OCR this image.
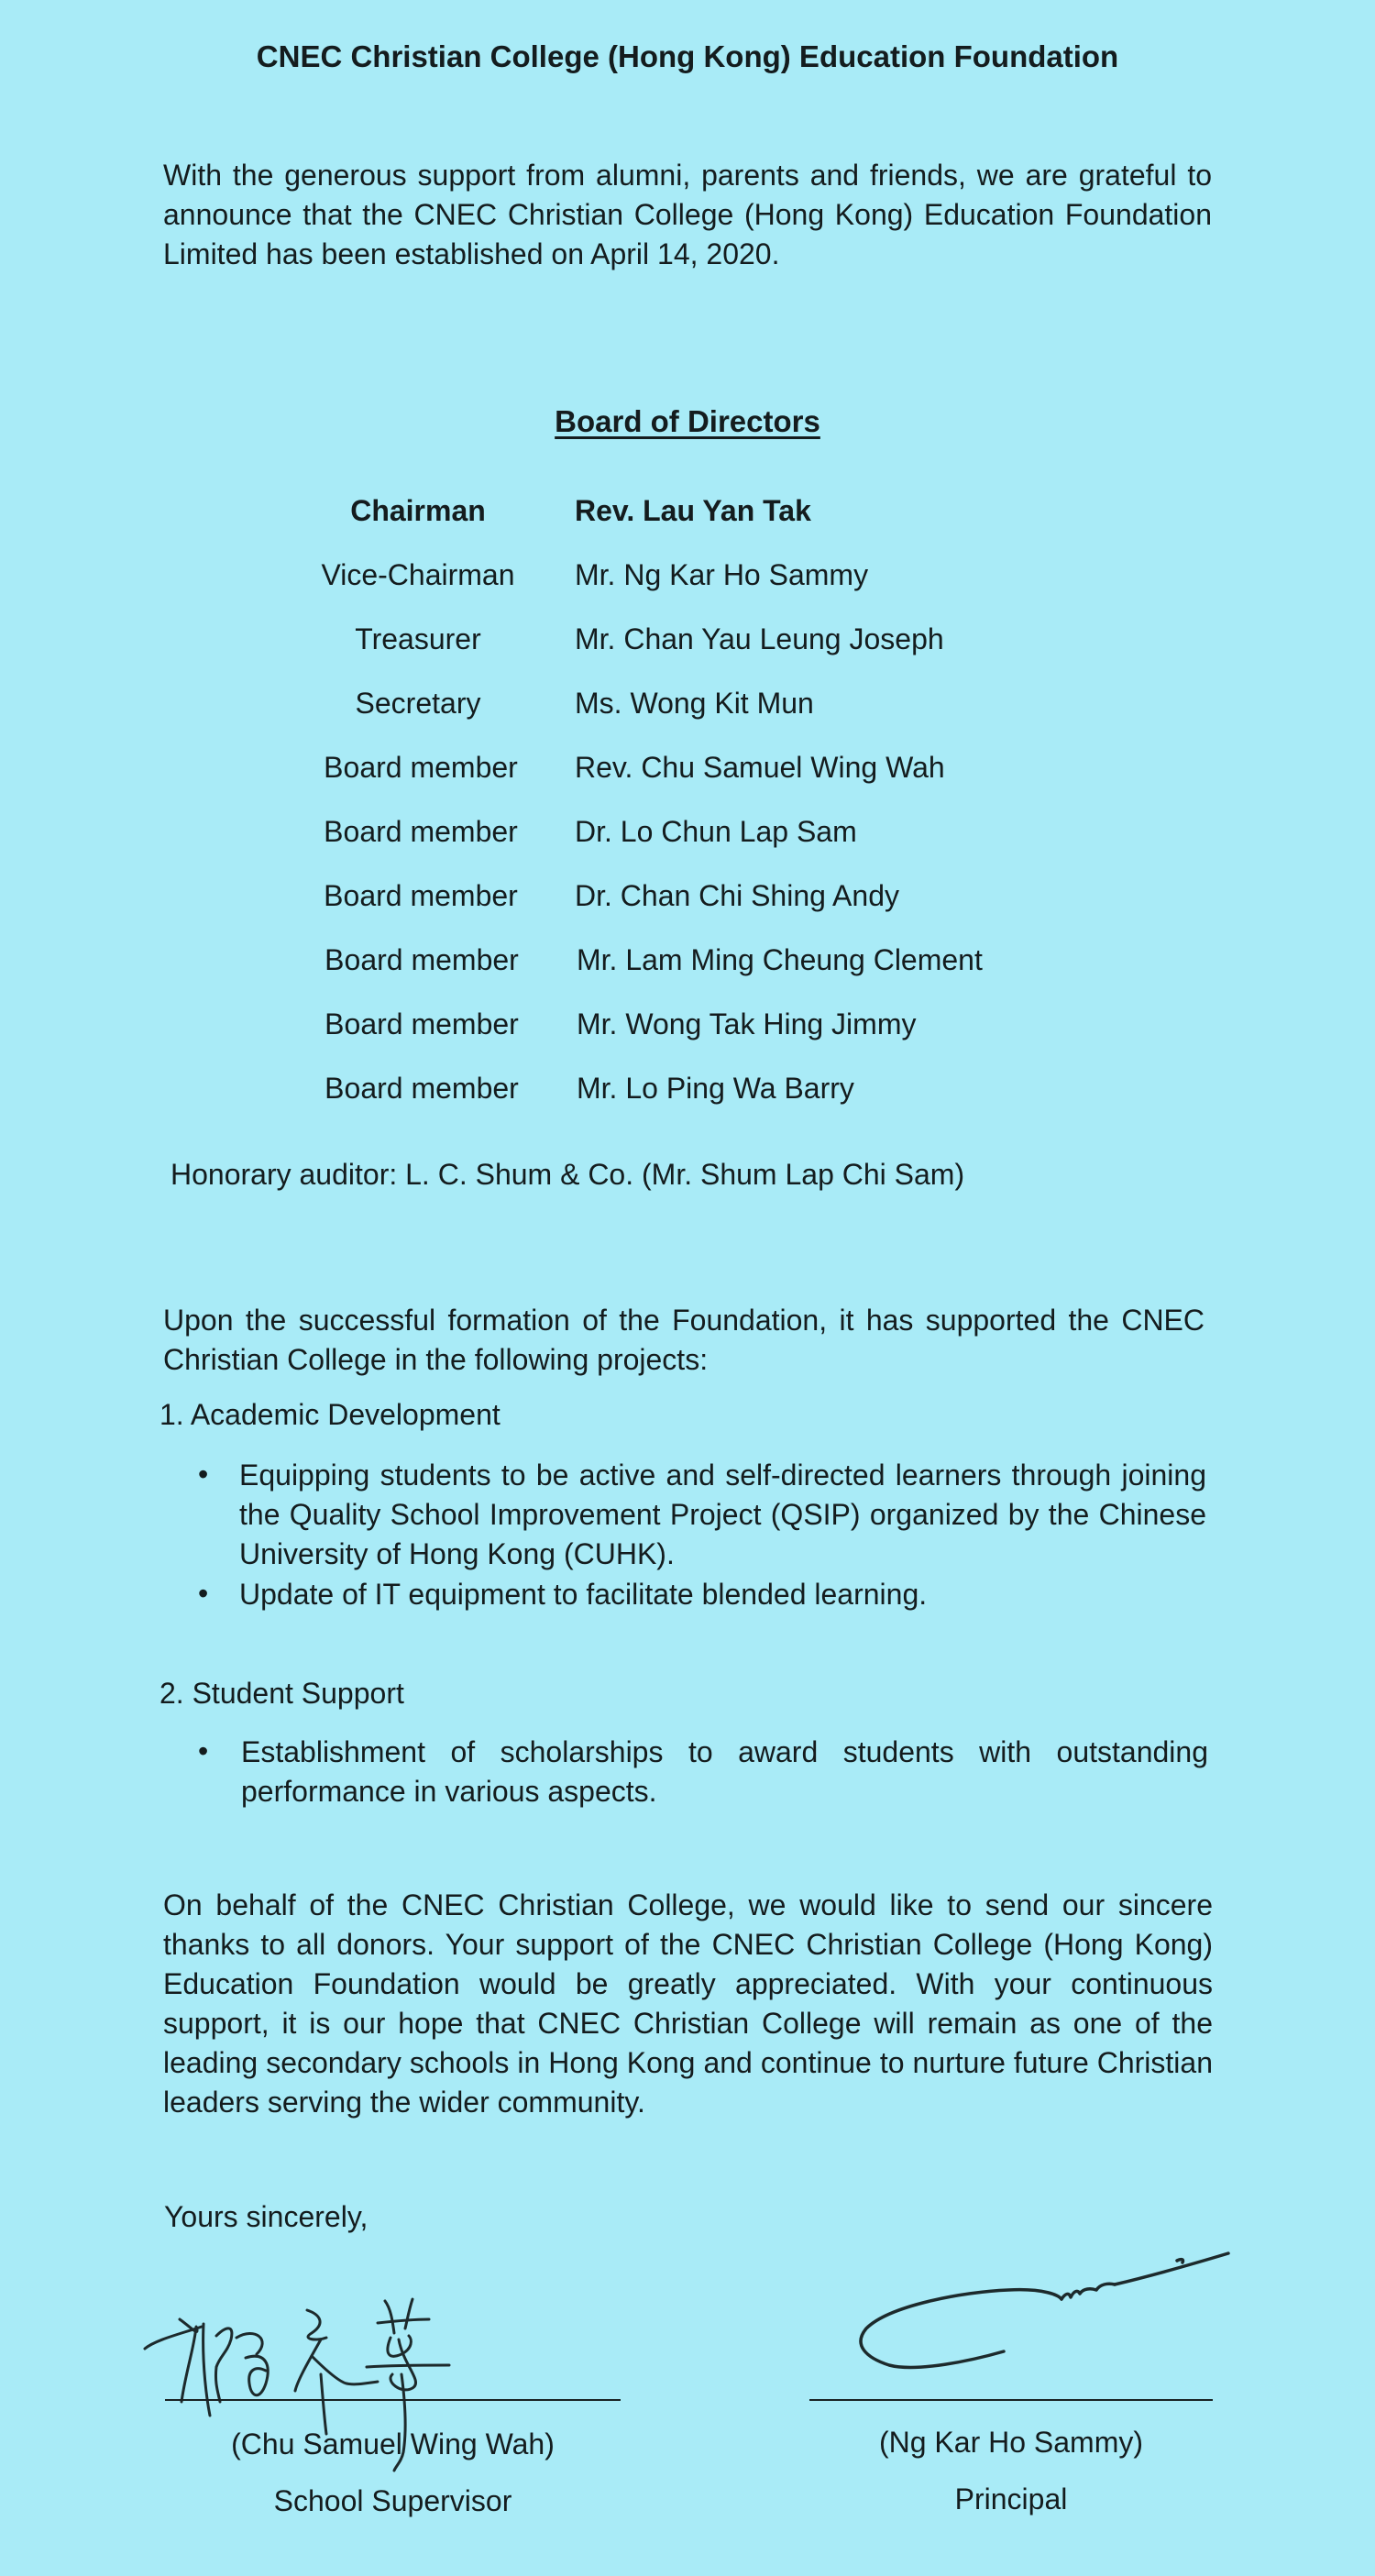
CNEC Christian College (Hong Kong) Education Foundation
With the generous support from alumni, parents and friends, we are grateful to announce that the CNEC Christian College (Hong Kong) Education Foundation Limited has been established on April 14, 2020.
Board of Directors
Chairman	Rev. Lau Yan Tak
Vice-Chairman	Mr. Ng Kar Ho Sammy
Treasurer	Mr. Chan Yau Leung Joseph
Secretary	Ms. Wong Kit Mun
Board member	Rev. Chu Samuel Wing Wah
Board member	Dr. Lo Chun Lap Sam
Board member	Dr. Chan Chi Shing Andy
Board member	Mr. Lam Ming Cheung Clement
Board member	Mr. Wong Tak Hing Jimmy
Board member	Mr. Lo Ping Wa Barry
Honorary auditor: L. C. Shum & Co. (Mr. Shum Lap Chi Sam)
Upon the successful formation of the Foundation, it has supported the CNEC Christian College in the following projects:
1. Academic Development
• Equipping students to be active and self-directed learners through joining the Quality School Improvement Project (QSIP) organized by the Chinese University of Hong Kong (CUHK).
• Update of IT equipment to facilitate blended learning.
2. Student Support
• Establishment of scholarships to award students with outstanding performance in various aspects.
On behalf of the CNEC Christian College, we would like to send our sincere thanks to all donors. Your support of the CNEC Christian College (Hong Kong) Education Foundation would be greatly appreciated. With your continuous support, it is our hope that CNEC Christian College will remain as one of the leading secondary schools in Hong Kong and continue to nurture future Christian leaders serving the wider community.
Yours sincerely,
(Chu Samuel Wing Wah)
School Supervisor
(Ng Kar Ho Sammy)
Principal
